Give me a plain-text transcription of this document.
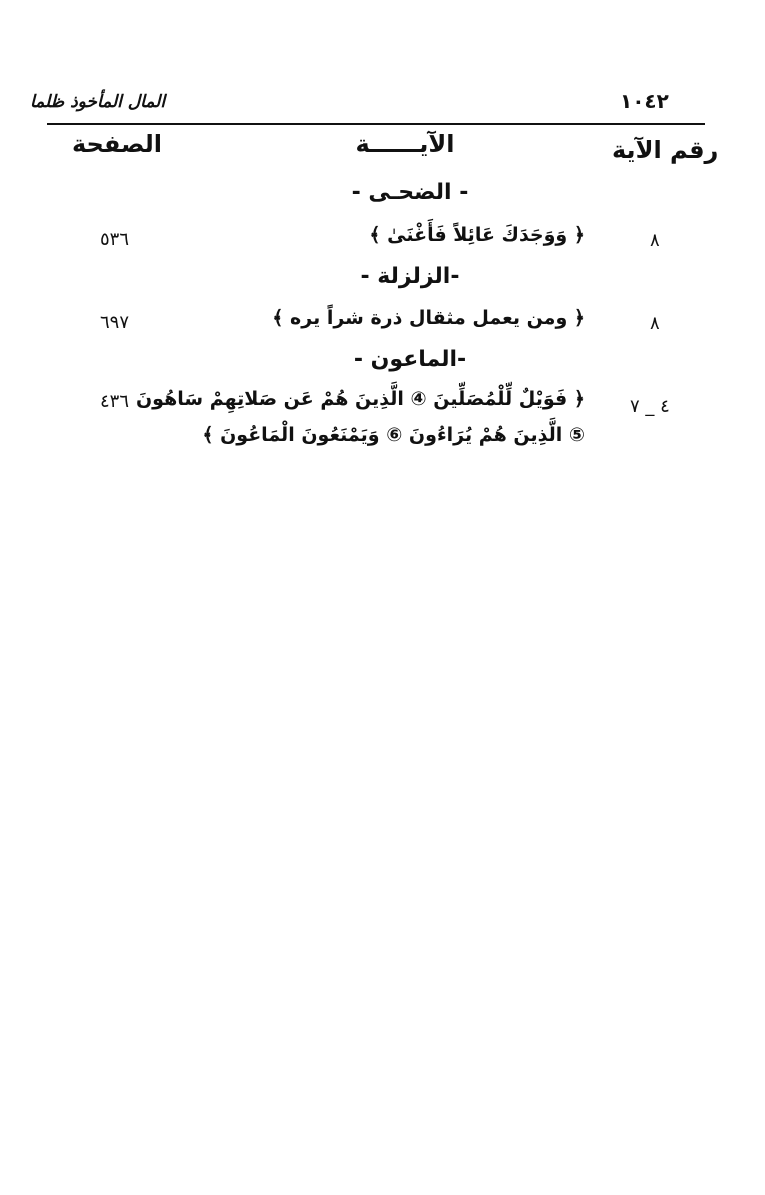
المال المأخوذ ظلما	١٠٤٢
رقم الآية
الآيــــــة
الصفحة
- الضحـى -
٨
﴿ وَوَجَدَكَ عَائِلاً فَأَغْنَىٰ ﴾
٥٣٦
-الزلزلة -
٨
﴿ ومن يعمل مثقال ذرة شراً يره ﴾
٦٩٧
-الماعون -
٤ _ ٧
﴿ فَوَيْلٌ لِّلْمُصَلِّينَ ④ الَّذِينَ هُمْ عَن صَلاتِهِمْ سَاهُونَ
⑤ الَّذِينَ هُمْ يُرَاءُونَ ⑥ وَيَمْنَعُونَ الْمَاعُونَ ﴾
٤٣٦
